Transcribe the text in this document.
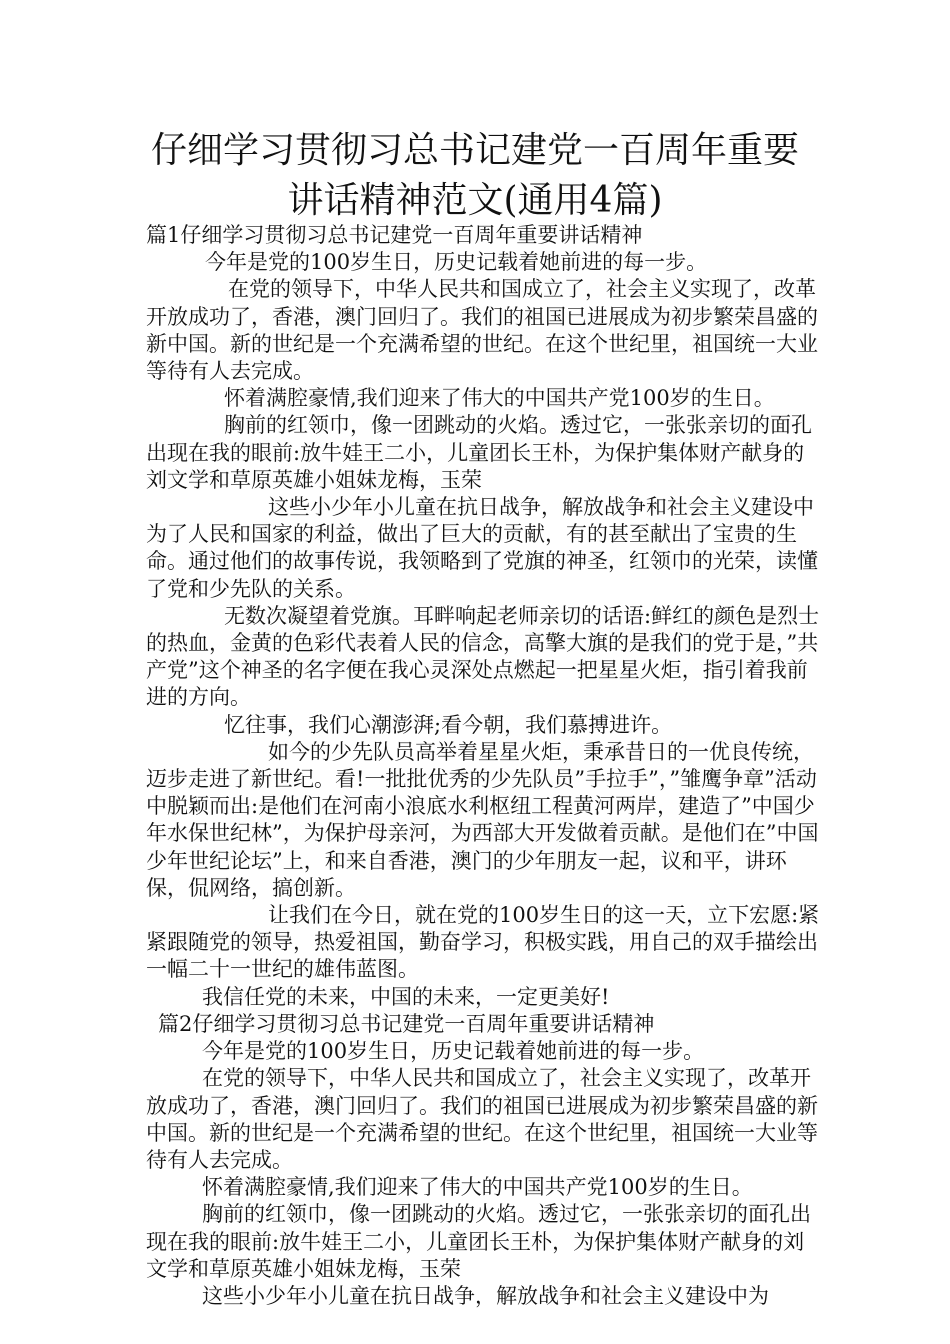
仔细学习贯彻习总书记建党一百周年重要
讲话精神范文(通用4篇)

篇1仔细学习贯彻习总书记建党一百周年重要讲话精神

今年是党的100岁生日，历史记载着她前进的每一步。

在党的领导下，中华人民共和国成立了，社会主义实现了，改革开放成功了，香港，澳门回归了。我们的祖国已进展成为初步繁荣昌盛的新中国。新的世纪是一个充满希望的世纪。在这个世纪里，祖国统一大业等待有人去完成。

怀着满腔豪情,我们迎来了伟大的中国共产党100岁的生日。

胸前的红领巾，像一团跳动的火焰。透过它，一张张亲切的面孔出现在我的眼前:放牛娃王二小，儿童团长王朴，为保护集体财产献身的刘文学和草原英雄小姐妹龙梅，玉荣

这些小少年小儿童在抗日战争，解放战争和社会主义建设中为了人民和国家的利益，做出了巨大的贡献，有的甚至献出了宝贵的生命。通过他们的故事传说，我领略到了党旗的神圣，红领巾的光荣，读懂了党和少先队的关系。

无数次凝望着党旗。耳畔响起老师亲切的话语:鲜红的颜色是烈士的热血，金黄的色彩代表着人民的信念，高擎大旗的是我们的党于是，”共产党”这个神圣的名字便在我心灵深处点燃起一把星星火炬，指引着我前进的方向。

忆往事，我们心潮澎湃;看今朝，我们慕搏进许。

如今的少先队员高举着星星火炬，秉承昔日的一优良传统，迈步走进了新世纪。看!一批批优秀的少先队员”手拉手”，”雏鹰争章”活动中脱颖而出:是他们在河南小浪底水利枢纽工程黄河两岸，建造了”中国少年水保世纪林”，为保护母亲河，为西部大开发做着贡献。是他们在”中国少年世纪论坛”上，和来自香港，澳门的少年朋友一起，议和平，讲环保，侃网络，搞创新。

让我们在今日，就在党的100岁生日的这一天，立下宏愿:紧紧跟随党的领导，热爱祖国，勤奋学习，积极实践，用自己的双手描绘出一幅二十一世纪的雄伟蓝图。

我信任党的未来，中国的未来，一定更美好!

篇2仔细学习贯彻习总书记建党一百周年重要讲话精神

今年是党的100岁生日，历史记载着她前进的每一步。

在党的领导下，中华人民共和国成立了，社会主义实现了，改革开放成功了，香港，澳门回归了。我们的祖国已进展成为初步繁荣昌盛的新中国。新的世纪是一个充满希望的世纪。在这个世纪里，祖国统一大业等待有人去完成。

怀着满腔豪情,我们迎来了伟大的中国共产党100岁的生日。

胸前的红领巾，像一团跳动的火焰。透过它，一张张亲切的面孔出现在我的眼前:放牛娃王二小，儿童团长王朴，为保护集体财产献身的刘文学和草原英雄小姐妹龙梅，玉荣

这些小少年小儿童在抗日战争，解放战争和社会主义建设中为
